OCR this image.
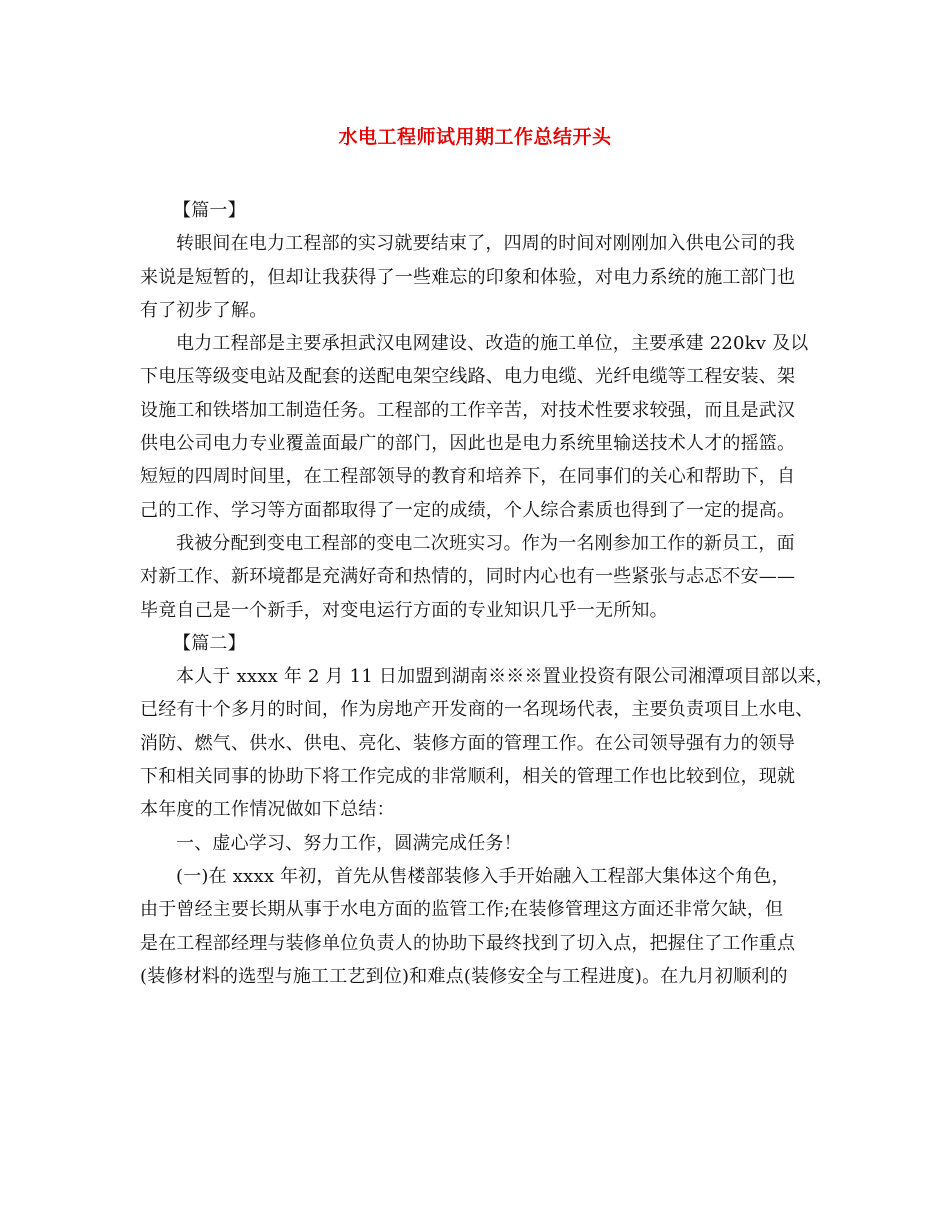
水电工程师试用期工作总结开头
【篇一】
转眼间在电力工程部的实习就要结束了，四周的时间对刚刚加入供电公司的我
来说是短暂的，但却让我获得了一些难忘的印象和体验，对电力系统的施工部门也
有了初步了解。
电力工程部是主要承担武汉电网建设、改造的施工单位，主要承建 220kv 及以
下电压等级变电站及配套的送配电架空线路、电力电缆、光纤电缆等工程安装、架
设施工和铁塔加工制造任务。工程部的工作辛苦，对技术性要求较强，而且是武汉
供电公司电力专业覆盖面最广的部门，因此也是电力系统里输送技术人才的摇篮。
短短的四周时间里，在工程部领导的教育和培养下，在同事们的关心和帮助下，自
己的工作、学习等方面都取得了一定的成绩，个人综合素质也得到了一定的提高。
我被分配到变电工程部的变电二次班实习。作为一名刚参加工作的新员工，面
对新工作、新环境都是充满好奇和热情的，同时内心也有一些紧张与忐忑不安——
毕竟自己是一个新手，对变电运行方面的专业知识几乎一无所知。
【篇二】
本人于 xxxx 年 2 月 11 日加盟到湖南※※※置业投资有限公司湘潭项目部以来，
已经有十个多月的时间，作为房地产开发商的一名现场代表，主要负责项目上水电、
消防、燃气、供水、供电、亮化、装修方面的管理工作。在公司领导强有力的领导
下和相关同事的协助下将工作完成的非常顺利，相关的管理工作也比较到位，现就
本年度的工作情况做如下总结：
一、虚心学习、努力工作，圆满完成任务！
(一)在 xxxx 年初，首先从售楼部装修入手开始融入工程部大集体这个角色，
由于曾经主要长期从事于水电方面的监管工作;在装修管理这方面还非常欠缺，但
是在工程部经理与装修单位负责人的协助下最终找到了切入点，把握住了工作重点
(装修材料的选型与施工工艺到位)和难点(装修安全与工程进度)。在九月初顺利的
